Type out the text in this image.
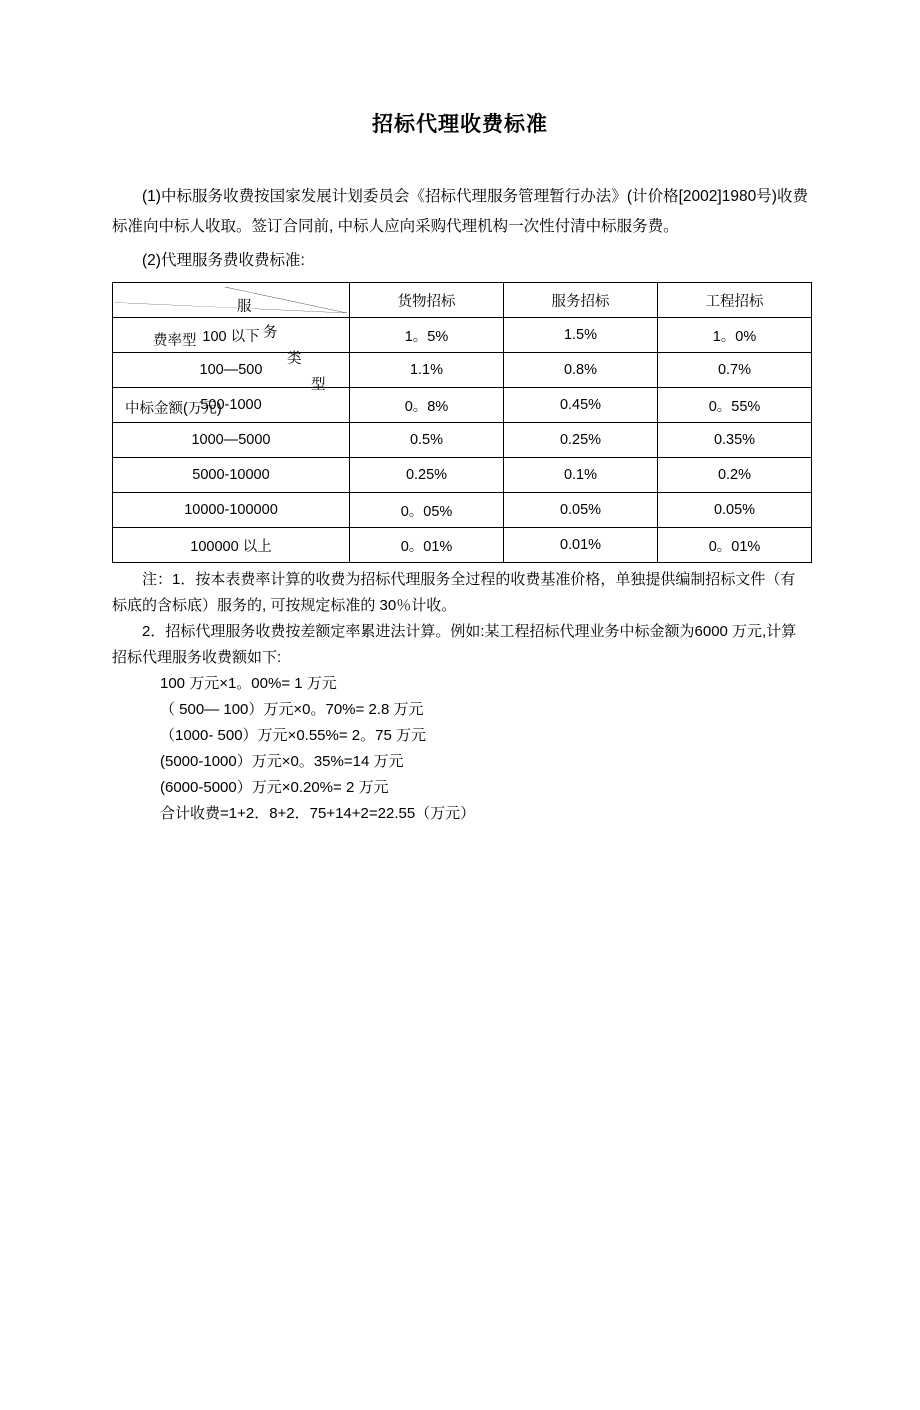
招标代理收费标准

(1)中标服务收费按国家发展计划委员会《招标代理服务管理暂行办法》(计价格[2002]1980号)收费标准向中标人收取。签订合同前, 中标人应向采购代理机构一次性付清中标服务费。

(2)代理服务费收费标准:

费率型
服
务
类
型
中标金额(万元)
	货物招标	服务招标	工程招标
100 以下	1。5%	1.5%	1。0%
100—500	1.1%	0.8%	0.7%
500-1000	0。8%	0.45%	0。55%
1000—5000	0.5%	0.25%	0.35%
5000-10000	0.25%	0.1%	0.2%
10000-100000	0。05%	0.05%	0.05%
100000 以上	0。01%	0.01%	0。01%

注：1．按本表费率计算的收费为招标代理服务全过程的收费基准价格，单独提供编制招标文件（有标底的含标底）服务的, 可按规定标准的 30％计收。

2．招标代理服务收费按差额定率累进法计算。例如:某工程招标代理业务中标金额为6000 万元,计算招标代理服务收费额如下:

100 万元×1。00%= 1 万元

（ 500— 100）万元×0。70%= 2.8 万元

（1000- 500）万元×0.55%= 2。75 万元

(5000-1000）万元×0。35%=14 万元

(6000-5000）万元×0.20%= 2 万元

合计收费=1+2．8+2．75+14+2=22.55（万元）
